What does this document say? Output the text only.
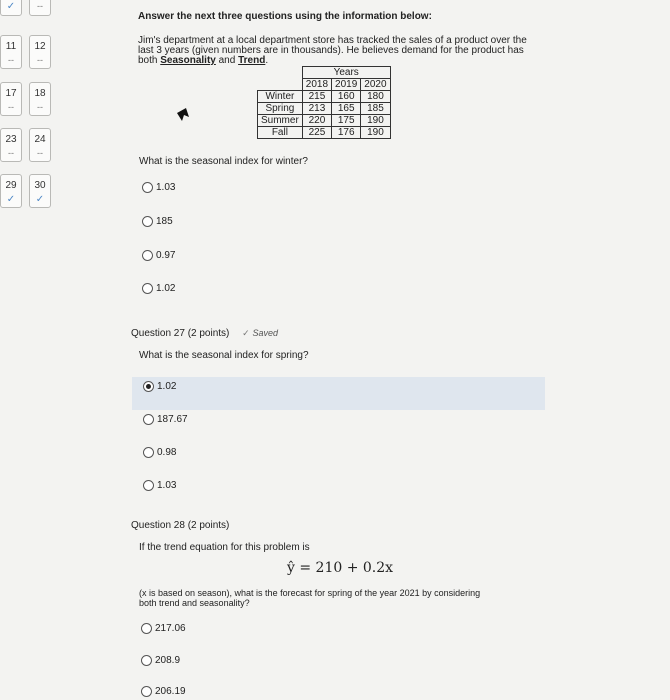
✓	--
11
--
12
--
17
--
18
--
23
--
24
--
29
✓
30
✓
Answer the next three questions using the information below:
Jim's department at a local department store has tracked the sales of a product over the
last 3 years (given numbers are in thousands). He believes demand for the product has
both Seasonality and Trend.
	Years		
	2018	2019	2020
Winter	215	160	180
Spring	213	165	185
Summer	220	175	190
Fall	225	176	190
What is the seasonal index for winter?
1.03
185
0.97
1.02
Question 27 (2 points) ✓ Saved
What is the seasonal index for spring?
1.02
187.67
0.98
1.03
Question 28 (2 points)
If the trend equation for this problem is
ŷ = 210 + 0.2x
(x is based on season), what is the forecast for spring of the year 2021 by considering
both trend and seasonality?
217.06
208.9
206.19
